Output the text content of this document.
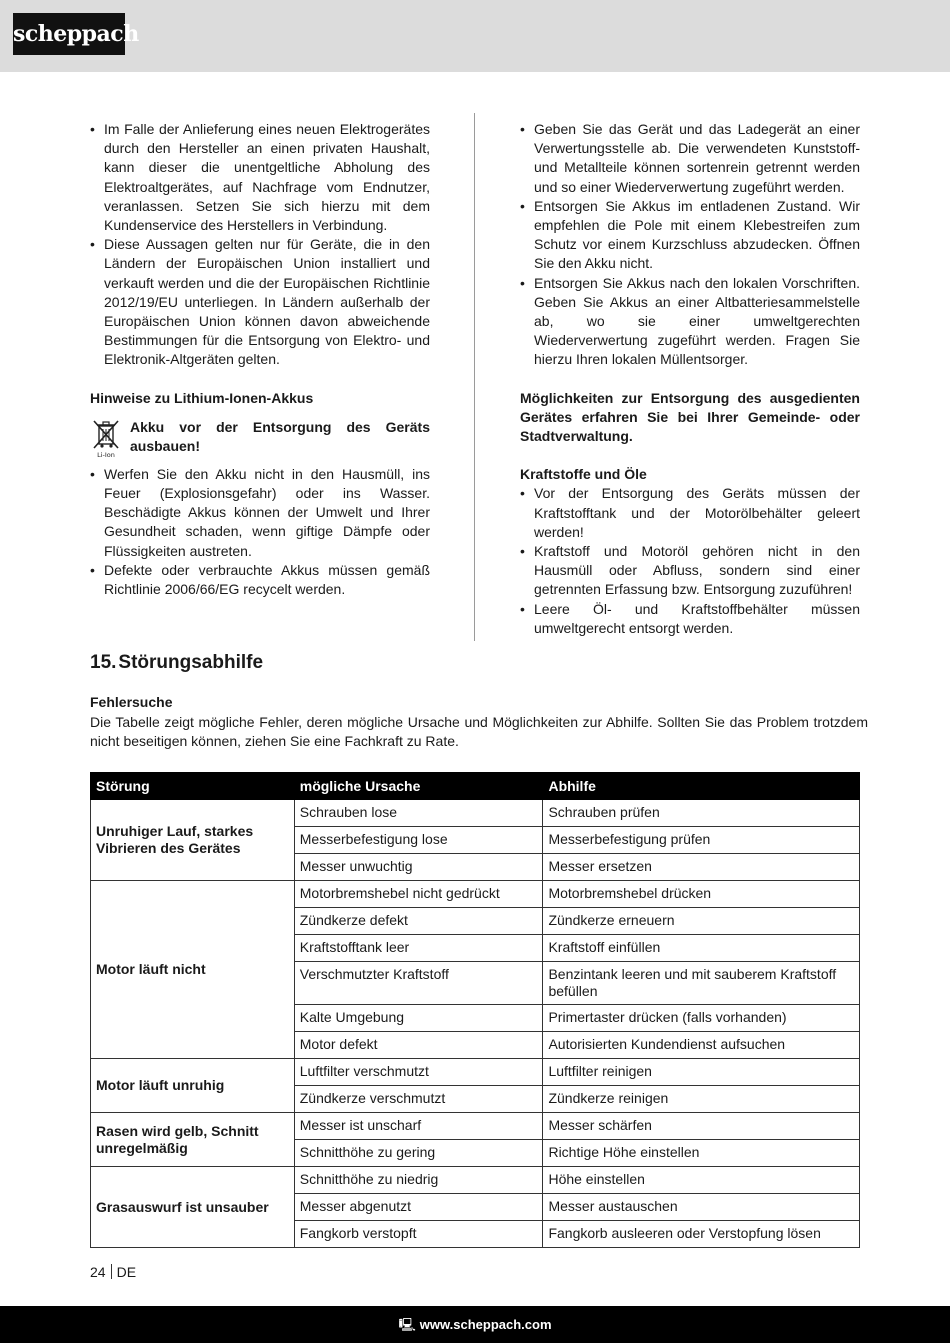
scheppach
• Im Falle der Anlieferung eines neuen Elektrogerätes durch den Hersteller an einen privaten Haushalt, kann dieser die unentgeltliche Abholung des Elektroaltgerätes, auf Nachfrage vom Endnutzer, veranlassen. Setzen Sie sich hierzu mit dem Kundenservice des Herstellers in Verbindung.
• Diese Aussagen gelten nur für Geräte, die in den Ländern der Europäischen Union installiert und verkauft werden und die der Europäischen Richtlinie 2012/19/EU unterliegen. In Ländern außerhalb der Europäischen Union können davon abweichende Bestimmungen für die Entsorgung von Elektro- und Elektronik-Altgeräten gelten.
Hinweise zu Lithium-Ionen-Akkus
Li-Ion
Akku vor der Entsorgung des Geräts ausbauen!
• Werfen Sie den Akku nicht in den Hausmüll, ins Feuer (Explosionsgefahr) oder ins Wasser. Beschädigte Akkus können der Umwelt und Ihrer Gesundheit schaden, wenn giftige Dämpfe oder Flüssigkeiten austreten.
• Defekte oder verbrauchte Akkus müssen gemäß Richtlinie 2006/66/EG recycelt werden.
• Geben Sie das Gerät und das Ladegerät an einer Verwertungsstelle ab. Die verwendeten Kunststoff- und Metallteile können sortenrein getrennt werden und so einer Wiederverwertung zugeführt werden.
• Entsorgen Sie Akkus im entladenen Zustand. Wir empfehlen die Pole mit einem Klebestreifen zum Schutz vor einem Kurzschluss abzudecken. Öffnen Sie den Akku nicht.
• Entsorgen Sie Akkus nach den lokalen Vorschriften. Geben Sie Akkus an einer Altbatteriesammelstelle ab, wo sie einer umweltgerechten Wiederverwertung zugeführt werden. Fragen Sie hierzu Ihren lokalen Müllentsorger.
Möglichkeiten zur Entsorgung des ausgedienten Gerätes erfahren Sie bei Ihrer Gemeinde- oder Stadtverwaltung.
Kraftstoffe und Öle
• Vor der Entsorgung des Geräts müssen der Kraftstofftank und der Motorölbehälter geleert werden!
• Kraftstoff und Motoröl gehören nicht in den Hausmüll oder Abfluss, sondern sind einer getrennten Erfassung bzw. Entsorgung zuzuführen!
• Leere Öl- und Kraftstoffbehälter müssen umweltgerecht entsorgt werden.
15. Störungsabhilfe
Fehlersuche
Die Tabelle zeigt mögliche Fehler, deren mögliche Ursache und Möglichkeiten zur Abhilfe. Sollten Sie das Problem trotzdem nicht beseitigen können, ziehen Sie eine Fachkraft zu Rate.
Störung	mögliche Ursache	Abhilfe
Unruhiger Lauf, starkes Vibrieren des Gerätes	Schrauben lose	Schrauben prüfen
	Messerbefestigung lose	Messerbefestigung prüfen
	Messer unwuchtig	Messer ersetzen
Motor läuft nicht	Motorbremshebel nicht gedrückt	Motorbremshebel drücken
	Zündkerze defekt	Zündkerze erneuern
	Kraftstofftank leer	Kraftstoff einfüllen
	Verschmutzter Kraftstoff	Benzintank leeren und mit sauberem Kraftstoff befüllen
	Kalte Umgebung	Primertaster drücken (falls vorhanden)
	Motor defekt	Autorisierten Kundendienst aufsuchen
Motor läuft unruhig	Luftfilter verschmutzt	Luftfilter reinigen
	Zündkerze verschmutzt	Zündkerze reinigen
Rasen wird gelb, Schnitt unregelmäßig	Messer ist unscharf	Messer schärfen
	Schnitthöhe zu gering	Richtige Höhe einstellen
Grasauswurf ist unsauber	Schnitthöhe zu niedrig	Höhe einstellen
	Messer abgenutzt	Messer austauschen
	Fangkorb verstopft	Fangkorb ausleeren oder Verstopfung lösen
24 DE
🖳 www.scheppach.com
